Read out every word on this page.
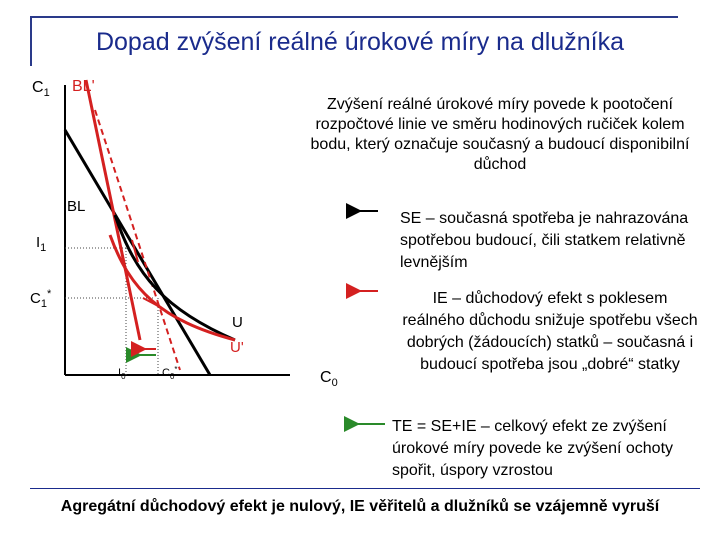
Dopad zvýšení reálné úrokové míry na dlužníka
$C_1$ BL'
BL
$I_1$
$C_1^*$
U
U'
$I_0$	$C_0^*$	$C_0$
Zvýšení reálné úrokové míry povede k pootočení rozpočtové linie ve směru hodinových ručiček kolem bodu, který označuje současný a budoucí disponibilní důchod
SE – současná spotřeba je nahrazována spotřebou budoucí, čili statkem relativně levnějším
IE – důchodový efekt s poklesem reálného důchodu snižuje spotřebu všech dobrých (žádoucích) statků – současná i budoucí spotřeba jsou „dobré“ statky
TE = SE+IE – celkový efekt ze zvýšení úrokové míry povede ke zvýšení ochoty spořit, úspory vzrostou
Agregátní důchodový efekt je nulový, IE věřitelů a dlužníků se vzájemně vyruší
